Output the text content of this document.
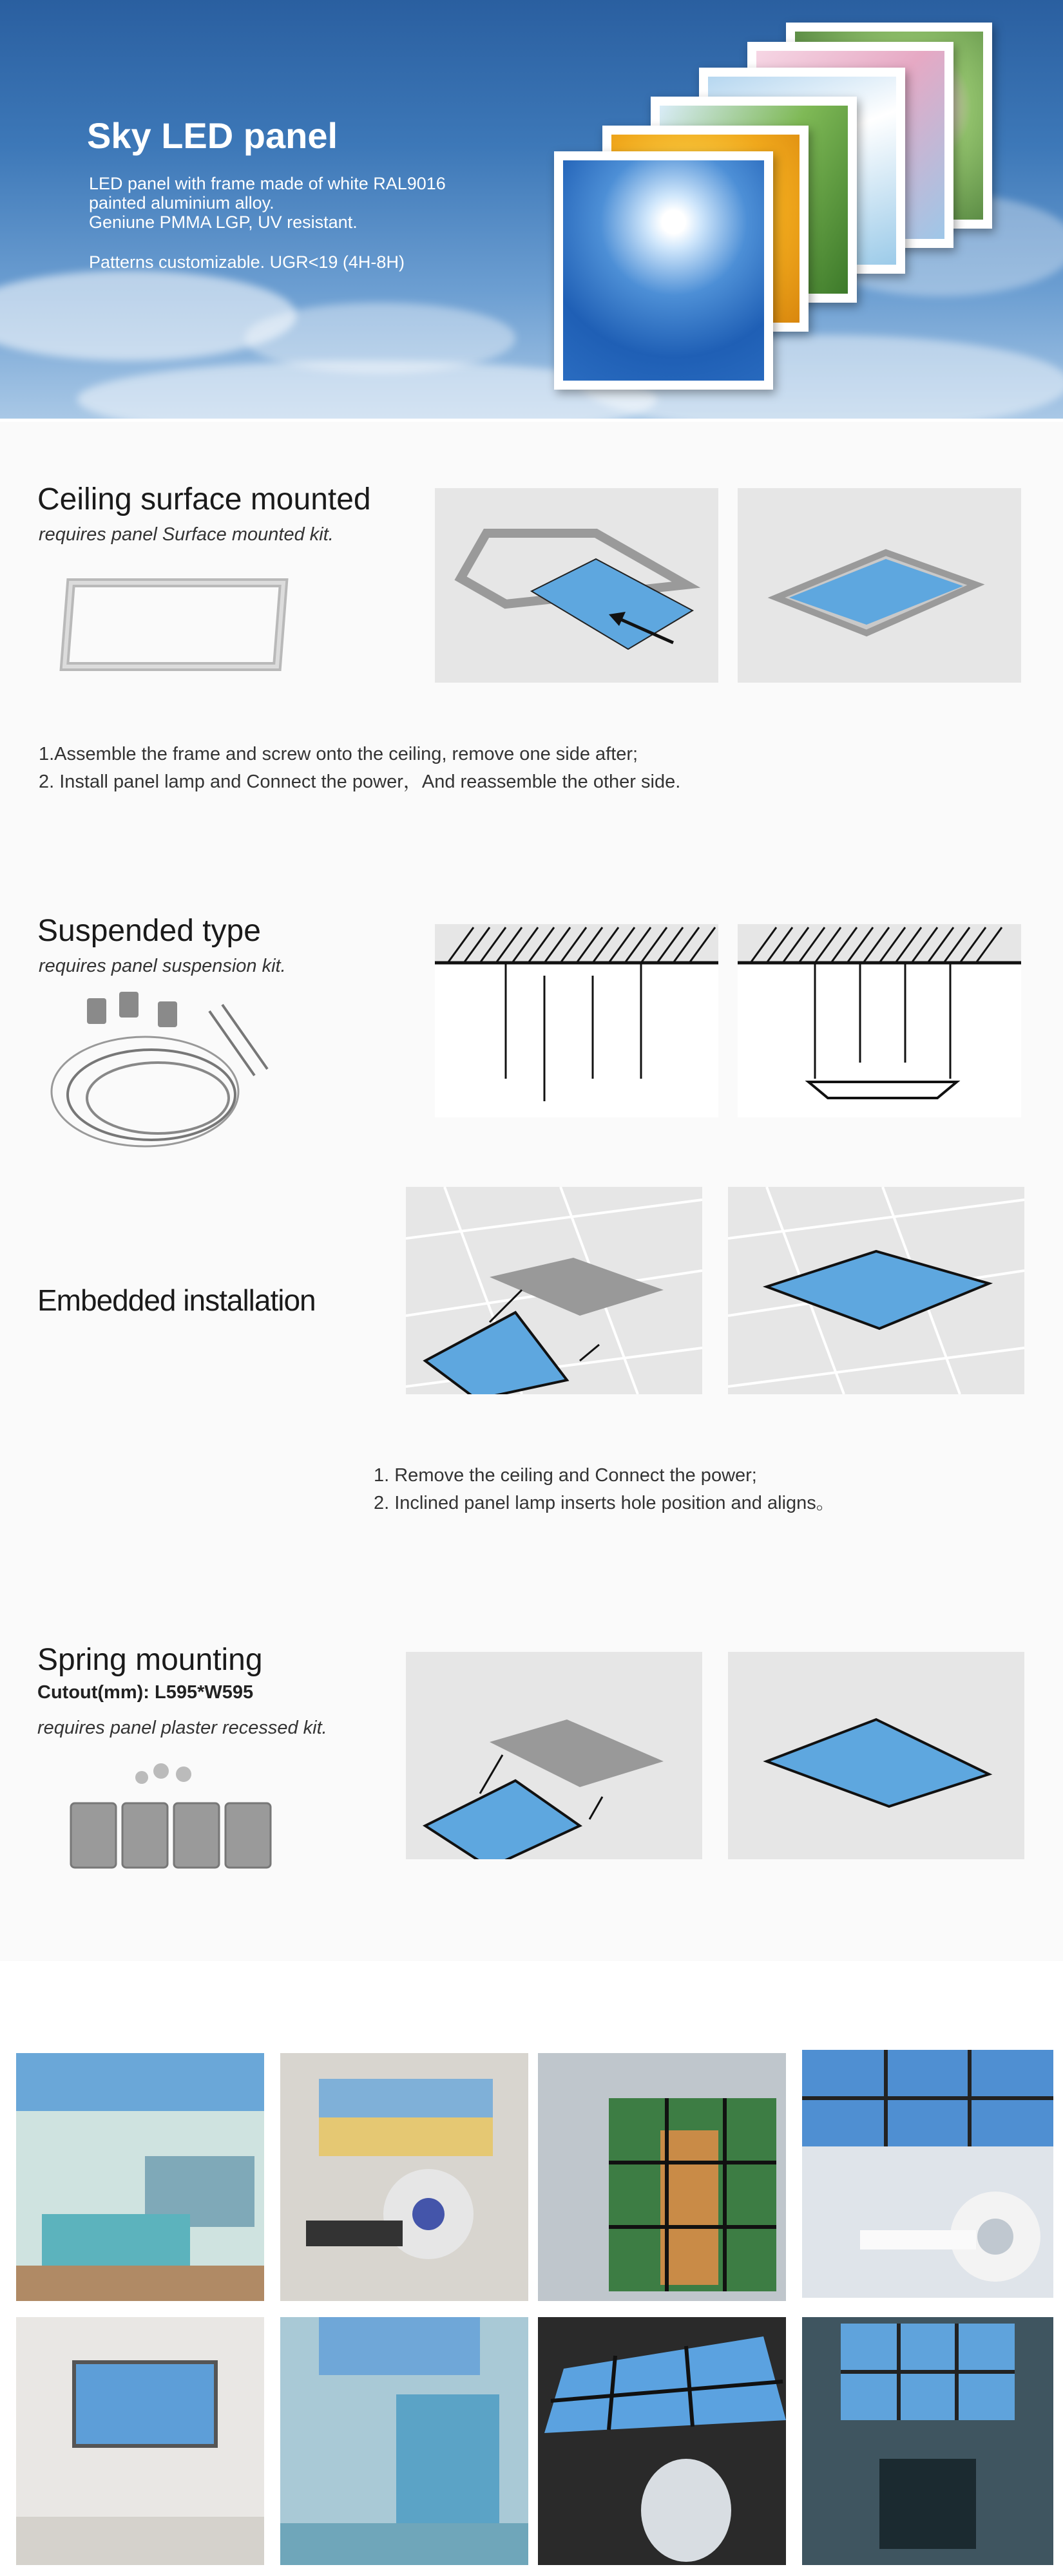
Sky LED panel
LED panel with frame made of white RAL9016
painted aluminium alloy.
Geniune PMMA LGP, UV resistant.
Patterns customizable. UGR<19 (4H-8H)
Ceiling surface mounted
requires panel Surface mounted kit.
1.Assemble the frame and screw onto the ceiling, remove one side after;
2. Install panel lamp and Connect the power，And reassemble the other side.
Suspended type
requires panel suspension kit.
Embedded installation
1. Remove the ceiling and Connect the power;
2. Inclined panel lamp inserts hole position and aligns。
Spring mounting
Cutout(mm): L595*W595
requires panel plaster recessed kit.
